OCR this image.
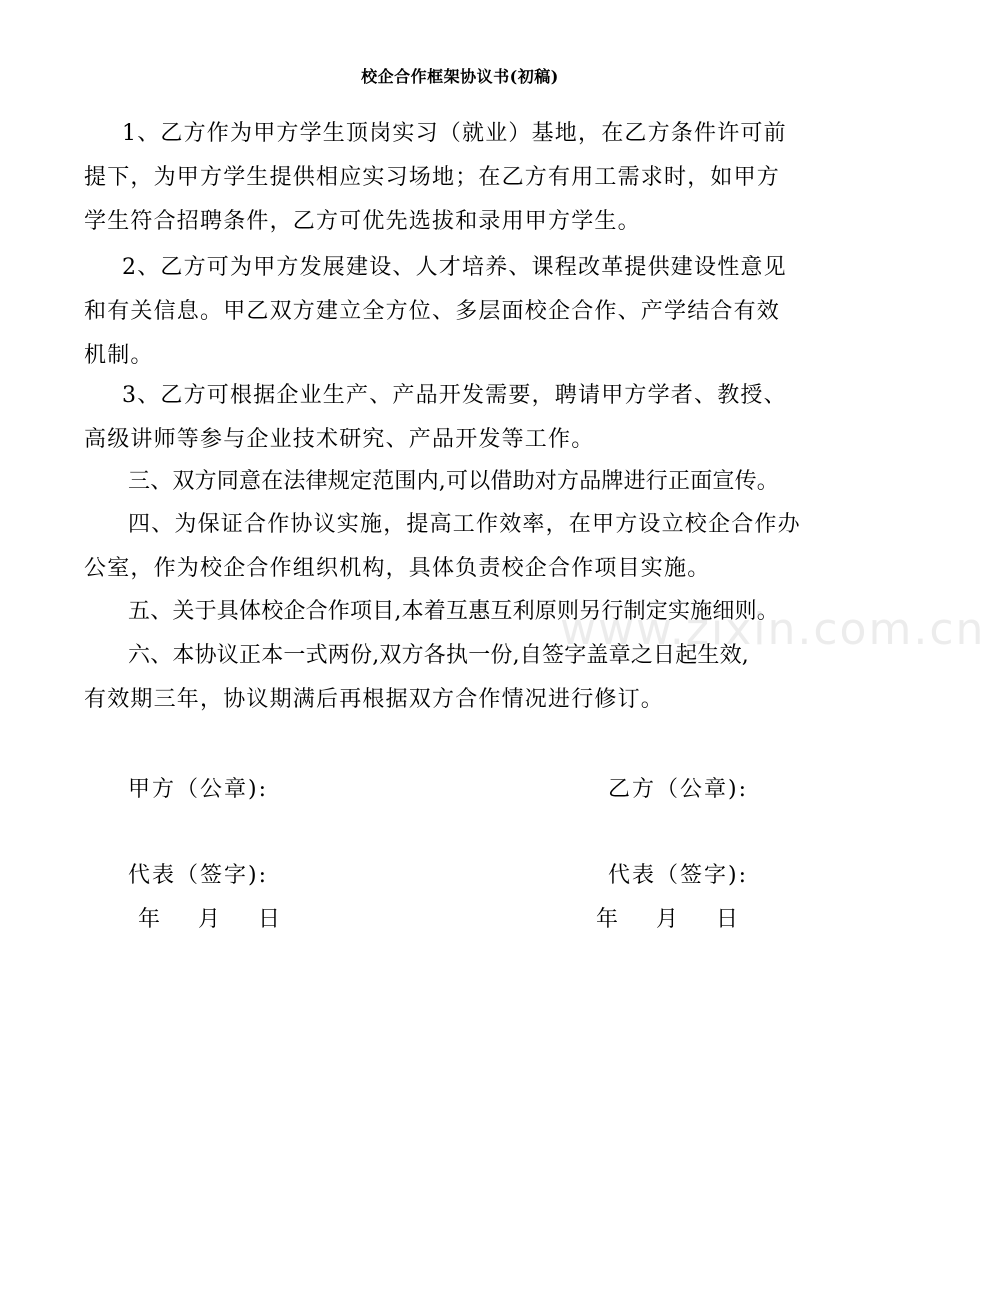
校企合作框架协议书(初稿)
1、乙方作为甲方学生顶岗实习（就业）基地，在乙方条件许可前
提下，为甲方学生提供相应实习场地；在乙方有用工需求时，如甲方
学生符合招聘条件，乙方可优先选拔和录用甲方学生。
2、乙方可为甲方发展建设、人才培养、课程改革提供建设性意见
和有关信息。甲乙双方建立全方位、多层面校企合作、产学结合有效
机制。
3、乙方可根据企业生产、产品开发需要，聘请甲方学者、教授、
高级讲师等参与企业技术研究、产品开发等工作。
三、双方同意在法律规定范围内,可以借助对方品牌进行正面宣传。
四、为保证合作协议实施，提高工作效率，在甲方设立校企合作办
公室，作为校企合作组织机构，具体负责校企合作项目实施。
五、关于具体校企合作项目,本着互惠互利原则另行制定实施细则。
六、本协议正本一式两份,双方各执一份,自签字盖章之日起生效,
有效期三年，协议期满后再根据双方合作情况进行修订。
www.zixin.com.cn
甲方（公章):	乙方（公章):
代表（签字):	代表（签字):
年    月    日	年    月    日
